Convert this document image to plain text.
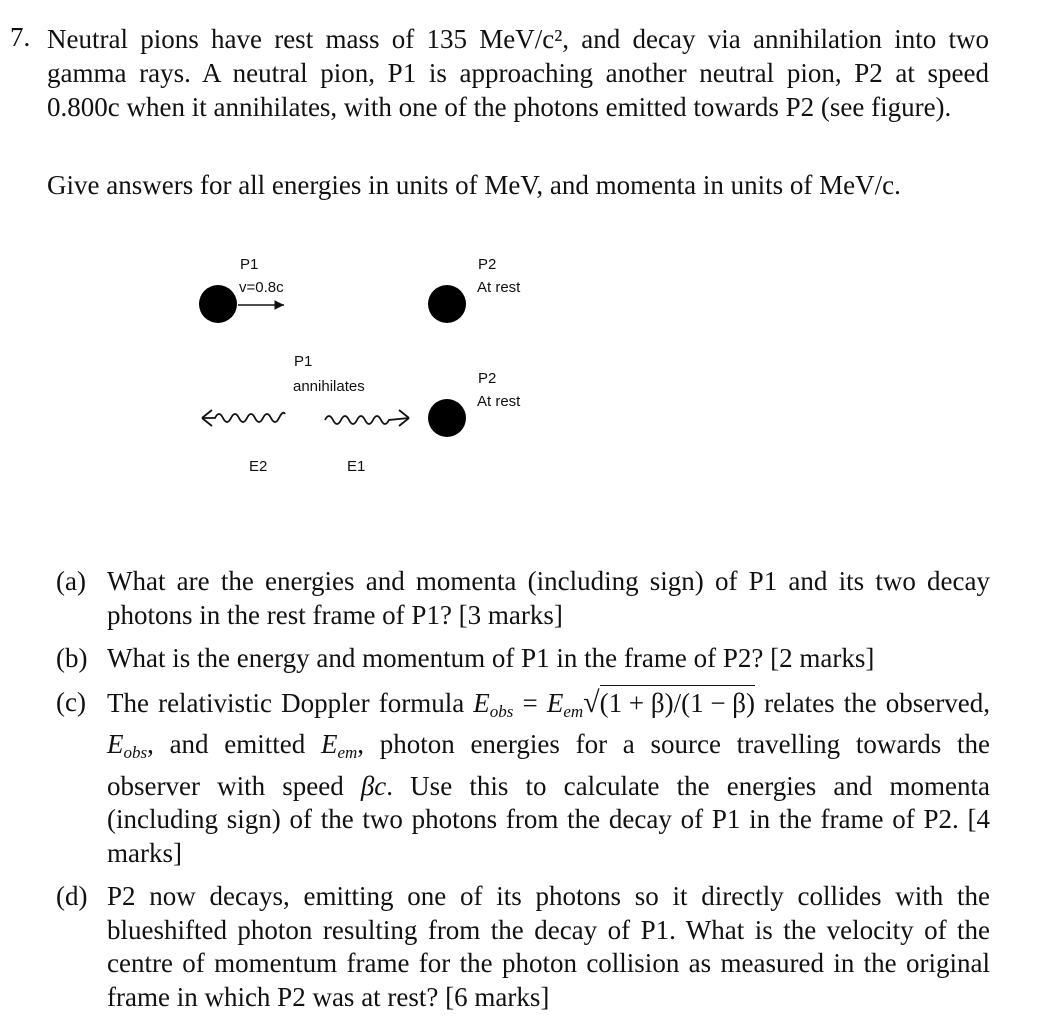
7. Neutral pions have rest mass of 135 MeV/c², and decay via annihilation into two gamma rays. A neutral pion, P1 is approaching another neutral pion, P2 at speed 0.800c when it annihilates, with one of the photons emitted towards P2 (see figure).
Give answers for all energies in units of MeV, and momenta in units of MeV/c.
P1
v=0.8c
P2
At rest
P1
annihilates	P2
At rest
E2	E1
(a) What are the energies and momenta (including sign) of P1 and its two decay photons in the rest frame of P1? [3 marks]
(b) What is the energy and momentum of P1 in the frame of P2? [2 marks]
(c) The relativistic Doppler formula $E_{obs} = E_{em}√(1 + \beta)/(1 - \beta)$ relates the observed, $E_{obs}$, and emitted $E_{em}$, photon energies for a source travelling towards the observer with speed βc. Use this to calculate the energies and momenta (including sign) of the two photons from the decay of P1 in the frame of P2. [4 marks]
(d) P2 now decays, emitting one of its photons so it directly collides with the blueshifted photon resulting from the decay of P1. What is the velocity of the centre of momentum frame for the photon collision as measured in the original frame in which P2 was at rest? [6 marks]
